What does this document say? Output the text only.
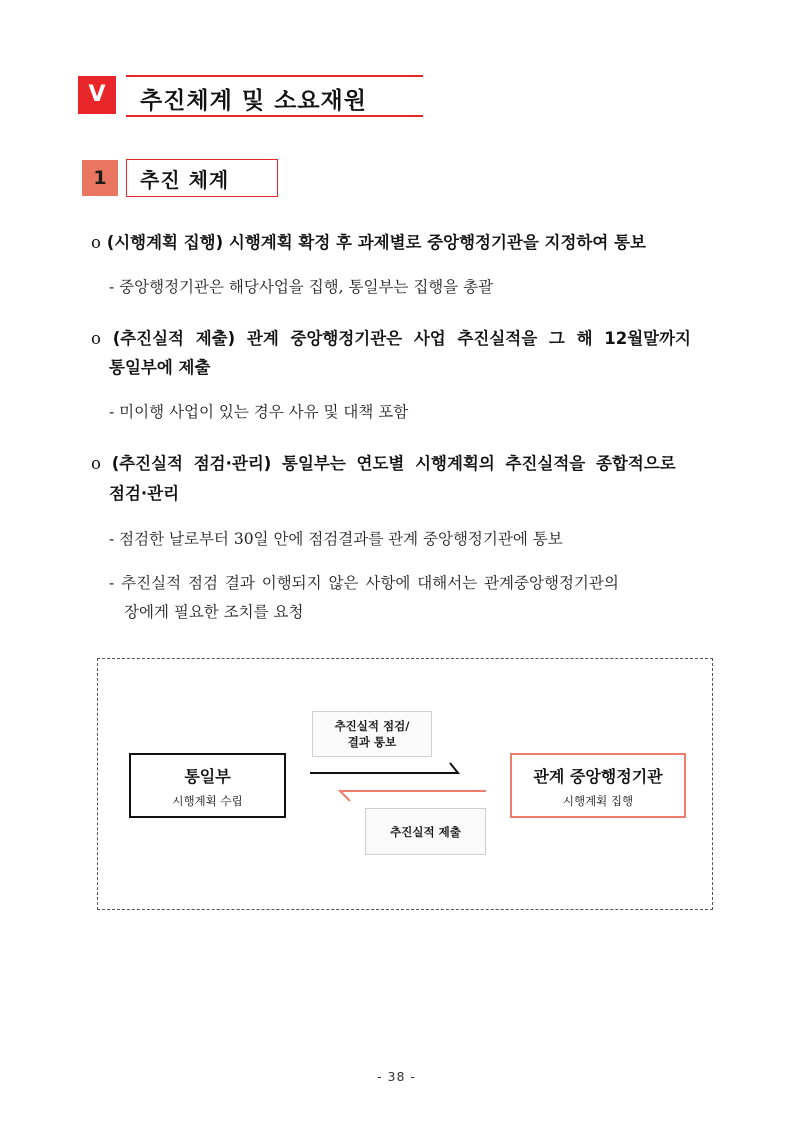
V	추진체계 및 소요재원
1	추진 체계
o (시행계획 집행) 시행계획 확정 후 과제별로 중앙행정기관을 지정하여 통보
- 중앙행정기관은 해당사업을 집행, 통일부는 집행을 총괄
o (추진실적 제출) 관계 중앙행정기관은 사업 추진실적을 그 해 12월말까지
통일부에 제출
- 미이행 사업이 있는 경우 사유 및 대책 포함
o (추진실적 점검·관리) 통일부는 연도별 시행계획의 추진실적을 종합적으로
점검·관리
- 점검한 날로부터 30일 안에 점검결과를 관계 중앙행정기관에 통보
- 추진실적 점검 결과 이행되지 않은 사항에 대해서는 관계중앙행정기관의
장에게 필요한 조치를 요청
통일부
시행계획 수립
관계 중앙행정기관
시행계획 집행
추진실적 점검/
결과 통보
추진실적 제출
- 38 -
